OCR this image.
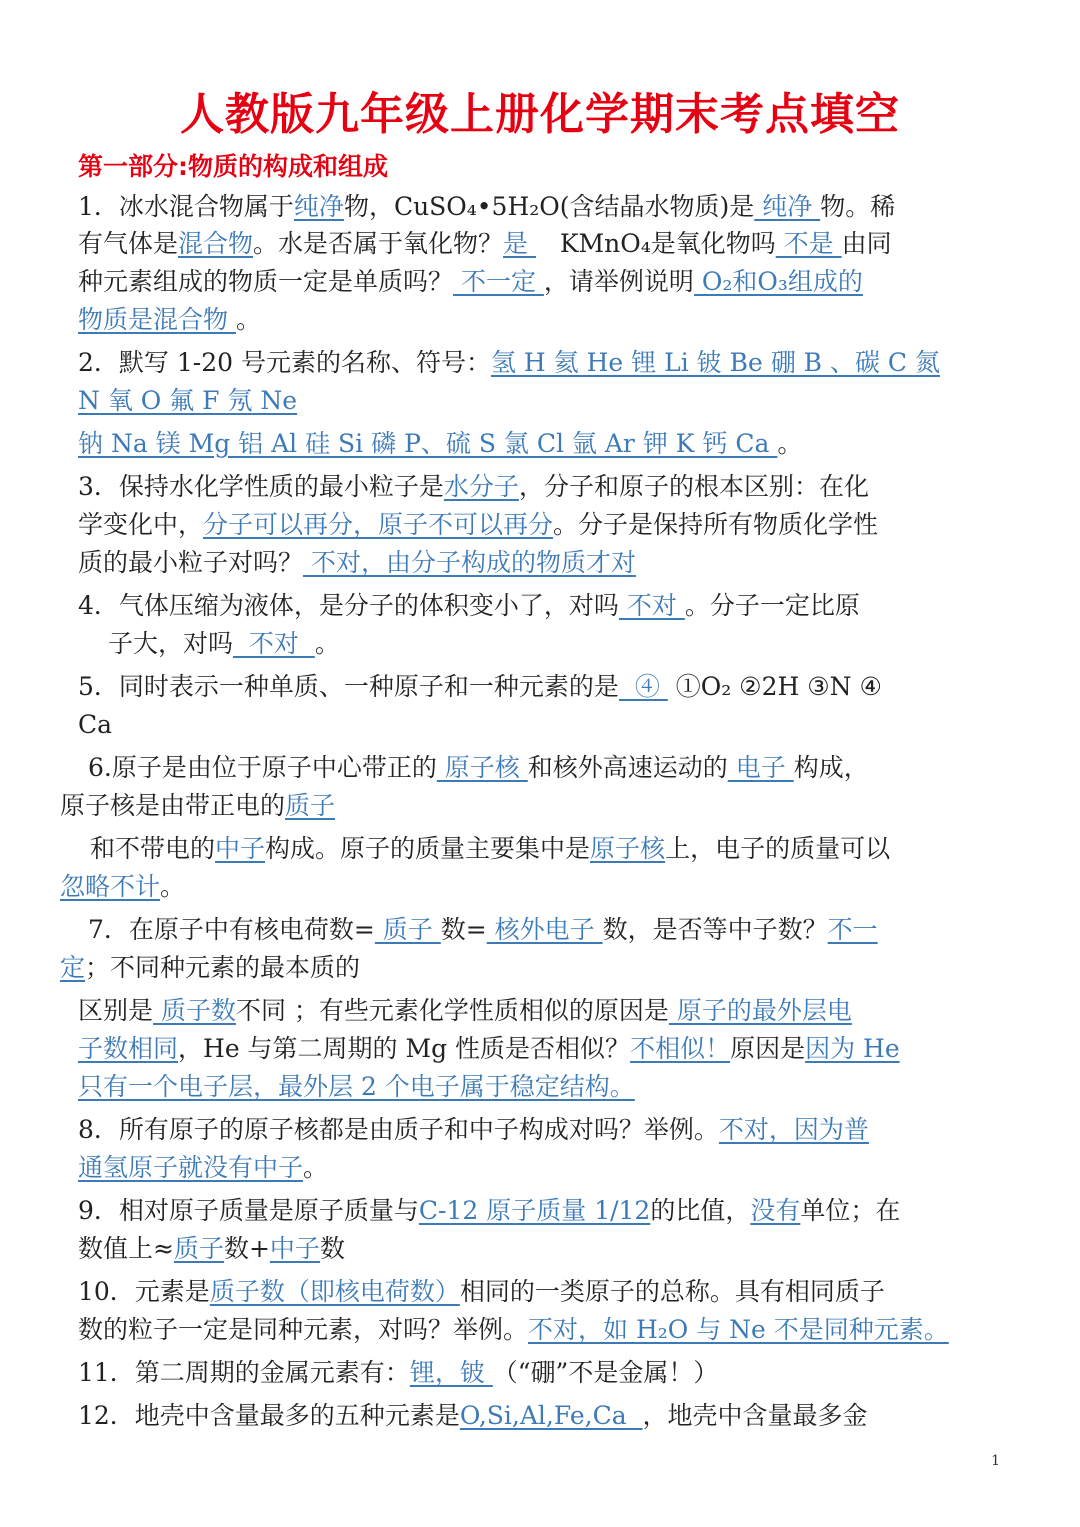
人教版九年级上册化学期末考点填空
第一部分:物质的构成和组成
1．冰水混合物属于纯净物，CuSO₄•5H₂O(含结晶水物质)是 纯净 物。稀
有气体是混合物。水是否属于氧化物？是    KMnO₄是氧化物吗 不是 由同
种元素组成的物质一定是单质吗？ 不一定 ，请举例说明 O₂和O₃组成的
物质是混合物 。
2．默写 1-20 号元素的名称、符号：氢 H 氦 He 锂 Li 铍 Be 硼 B 、碳 C 氮
N 氧 O 氟 F 氖 Ne
钠 Na 镁 Mg 铝 Al 硅 Si 磷 P、硫 S 氯 Cl 氩 Ar 钾 K 钙 Ca 。
3．保持水化学性质的最小粒子是水分子，分子和原子的根本区别：在化
学变化中，分子可以再分，原子不可以再分。分子是保持所有物质化学性
质的最小粒子对吗？ 不对，由分子构成的物质才对
4．气体压缩为液体，是分子的体积变小了，对吗 不对 。分子一定比原
子大，对吗  不对  。
5．同时表示一种单质、一种原子和一种元素的是  ④  ①O₂ ②2H ③N ④
Ca
6.原子是由位于原子中心带正的 原子核 和核外高速运动的 电子 构成，
原子核是由带正电的质子
和不带电的中子构成。原子的质量主要集中是原子核上，电子的质量可以
忽略不计。
7．在原子中有核电荷数= 质子 数= 核外电子 数，是否等中子数？不一
定；不同种元素的最本质的
区别是 质子数不同 ；有些元素化学性质相似的原因是 原子的最外层电
子数相同，He 与第二周期的 Mg 性质是否相似？不相似！原因是因为 He
只有一个电子层，最外层 2 个电子属于稳定结构。
8．所有原子的原子核都是由质子和中子构成对吗？举例。不对，因为普
通氢原子就没有中子。
9．相对原子质量是原子质量与C-12 原子质量 1/12的比值，没有单位；在
数值上≈质子数+中子数
10．元素是质子数（即核电荷数）相同的一类原子的总称。具有相同质子
数的粒子一定是同种元素，对吗？举例。不对，如 H₂O 与 Ne 不是同种元素。
11．第二周期的金属元素有：锂，铍 （“硼”不是金属！）
12．地壳中含量最多的五种元素是O,Si,Al,Fe,Ca  ，地壳中含量最多金
1
